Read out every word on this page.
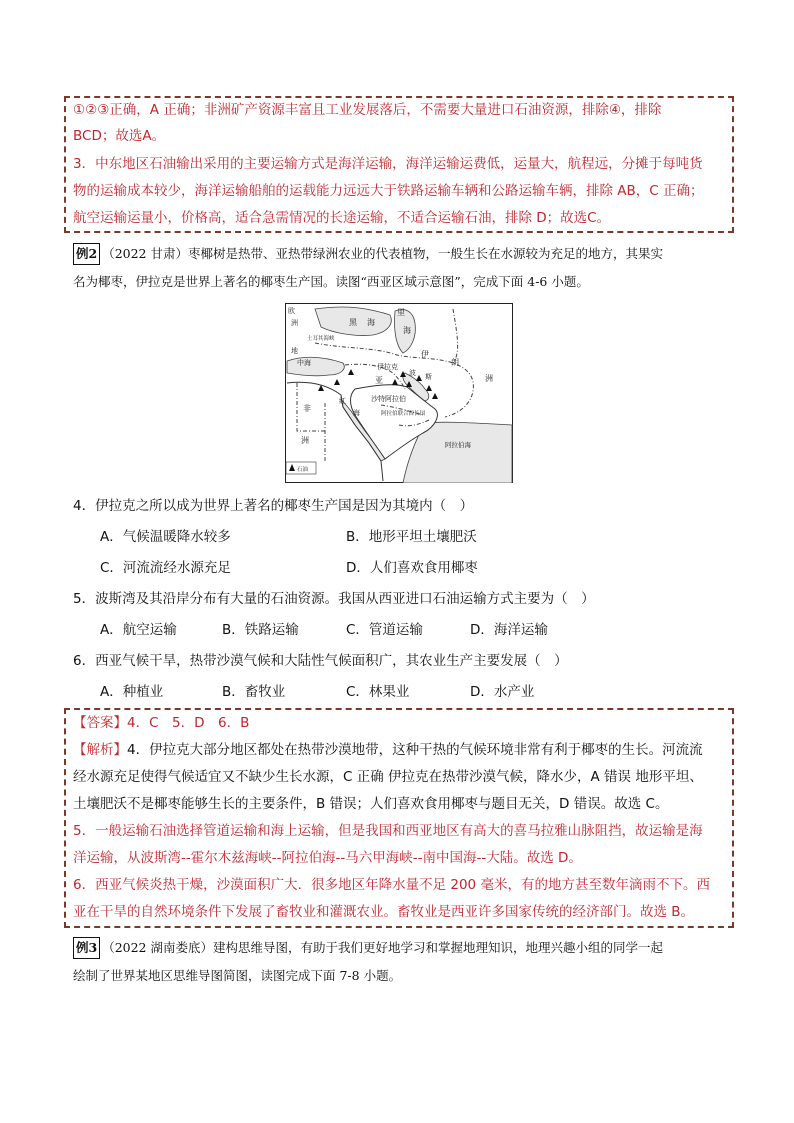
①②③正确，A 正确；非洲矿产资源丰富且工业发展落后，不需要大量进口石油资源，排除④，排除
BCD；故选A。
3．中东地区石油输出采用的主要运输方式是海洋运输，海洋运输运费低，运量大，航程远，分摊于每吨货
物的运输成本较少，海洋运输船舶的运载能力远远大于铁路运输车辆和公路运输车辆，排除 AB，C 正确；
航空运输运量小，价格高，适合急需情况的长途运输，不适合运输石油，排除 D；故选C。
例2 （2022 甘肃）枣椰树是热带、亚热带绿洲农业的代表植物，一般生长在水源较为充足的地方，其果实
名为椰枣，伊拉克是世界上著名的椰枣生产国。读图“西亚区域示意图”，完成下面 4-6 小题。
欧
洲
里
黑 海
海
土耳其海峡
地
中海
伊
朗
伊拉克
沙特阿拉伯
红
海
亚	洲
波 斯
阿拉伯联合酋长国
阿拉伯海
非
洲
石油
4．伊拉克之所以成为世界上著名的椰枣生产国是因为其境内（　）
A．气候温暖降水较多	B．地形平坦土壤肥沃
C．河流流经水源充足	D．人们喜欢食用椰枣
5．波斯湾及其沿岸分布有大量的石油资源。我国从西亚进口石油运输方式主要为（　）
A．航空运输	B．铁路运输	C．管道运输	D．海洋运输
6．西亚气候干旱，热带沙漠气候和大陆性气候面积广，其农业生产主要发展（　）
A．种植业	B．畜牧业	C．林果业	D．水产业
【答案】4．C　5．D　6．B
【解析】4．伊拉克大部分地区都处在热带沙漠地带，这种干热的气候环境非常有利于椰枣的生长。河流流
经水源充足使得气候适宜又不缺少生长水源，C 正确 伊拉克在热带沙漠气候，降水少，A 错误 地形平坦、
土壤肥沃不是椰枣能够生长的主要条件，B 错误；人们喜欢食用椰枣与题目无关，D 错误。故选 C。
5．一般运输石油选择管道运输和海上运输，但是我国和西亚地区有高大的喜马拉雅山脉阻挡，故运输是海
洋运输，从波斯湾--霍尔木兹海峡--阿拉伯海--马六甲海峡--南中国海--大陆。故选 D。
6．西亚气候炎热干燥，沙漠面积广大．很多地区年降水量不足 200 毫米，有的地方甚至数年滴雨不下。西
亚在干旱的自然环境条件下发展了畜牧业和灌溉农业。畜牧业是西亚许多国家传统的经济部门。故选 B。
例3 （2022 湖南娄底）建构思维导图，有助于我们更好地学习和掌握地理知识，地理兴趣小组的同学一起
绘制了世界某地区思维导图简图，读图完成下面 7-8 小题。
